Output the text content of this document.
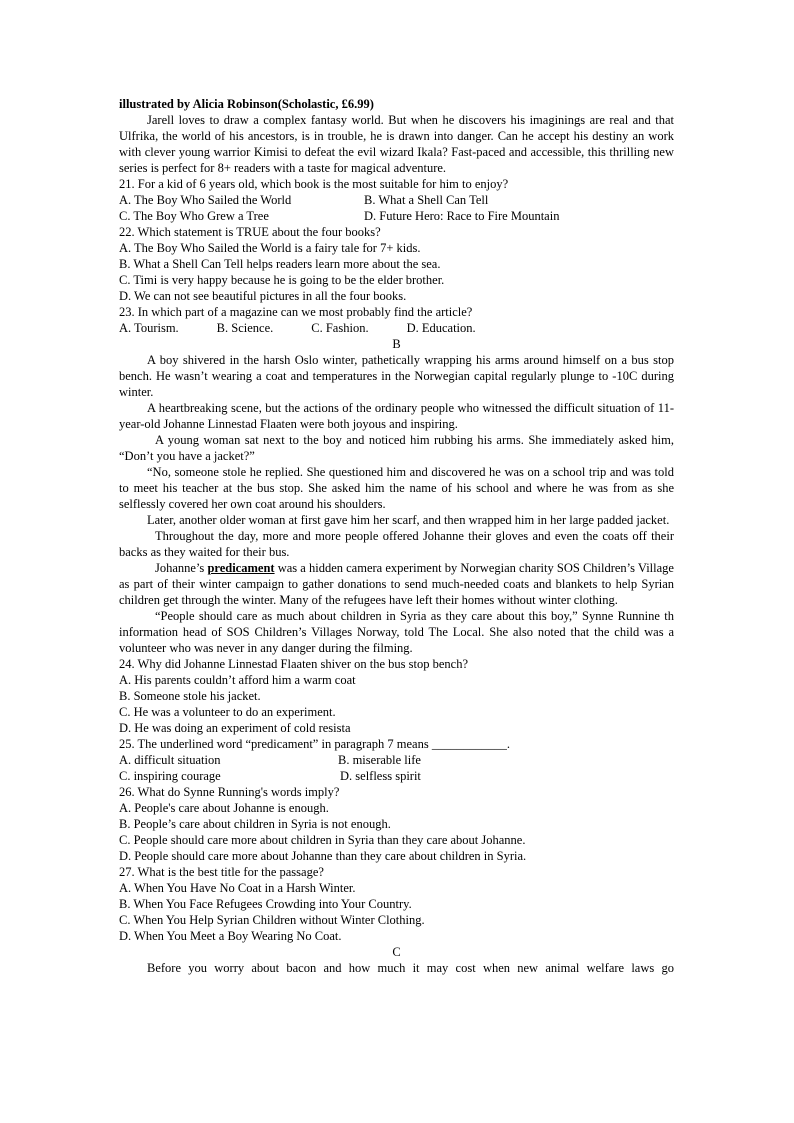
illustrated by Alicia Robinson(Scholastic, £6.99)
Jarell loves to draw a complex fantasy world. But when he discovers his imaginings are real and that Ulfrika, the world of his ancestors, is in trouble, he is drawn into danger. Can he accept his destiny an work with clever young warrior Kimisi to defeat the evil wizard Ikala? Fast-paced and accessible, this thrilling new series is perfect for 8+ readers with a taste for magical adventure.
21. For a kid of 6 years old, which book is the most suitable for him to enjoy?
A. The Boy Who Sailed the World	B. What a Shell Can Tell
C. The Boy Who Grew a Tree	D. Future Hero: Race to Fire Mountain
22. Which statement is TRUE about the four books?
A. The Boy Who Sailed the World is a fairy tale for 7+ kids.
B. What a Shell Can Tell helps readers learn more about the sea.
C. Timi is very happy because he is going to be the elder brother.
D. We can not see beautiful pictures in all the four books.
23. In which part of a magazine can we most probably find the article?
A. Tourism.	B. Science.	C. Fashion.	D. Education.
B
A boy shivered in the harsh Oslo winter, pathetically wrapping his arms around himself on a bus stop bench. He wasn’t wearing a coat and temperatures in the Norwegian capital regularly plunge to -10C during winter.
A heartbreaking scene, but the actions of the ordinary people who witnessed the difficult situation of 11-year-old Johanne Linnestad Flaaten were both joyous and inspiring.
A young woman sat next to the boy and noticed him rubbing his arms. She immediately asked him, “Don’t you have a jacket?”
“No, someone stole he replied. She questioned him and discovered he was on a school trip and was told to meet his teacher at the bus stop. She asked him the name of his school and where he was from as she selflessly covered her own coat around his shoulders.
Later, another older woman at first gave him her scarf, and then wrapped him in her large padded jacket.
Throughout the day, more and more people offered Johanne their gloves and even the coats off their backs as they waited for their bus.
Johanne’s predicament was a hidden camera experiment by Norwegian charity SOS Children’s Village as part of their winter campaign to gather donations to send much-needed coats and blankets to help Syrian children get through the winter. Many of the refugees have left their homes without winter clothing.
“People should care as much about children in Syria as they care about this boy,” Synne Runnine th information head of SOS Children’s Villages Norway, told The Local. She also noted that the child was a volunteer who was never in any danger during the filming.
24. Why did Johanne Linnestad Flaaten shiver on the bus stop bench?
A. His parents couldn’t afford him a warm coat
B. Someone stole his jacket.
C. He was a volunteer to do an experiment.
D. He was doing an experiment of cold resista
25. The underlined word “predicament” in paragraph 7 means ____________.
A. difficult situation	B. miserable life
C. inspiring courage	D. selfless spirit
26. What do Synne Running's words imply?
A. People's care about Johanne is enough.
B. People’s care about children in Syria is not enough.
C. People should care more about children in Syria than they care about Johanne.
D. People should care more about Johanne than they care about children in Syria.
27. What is the best title for the passage?
A. When You Have No Coat in a Harsh Winter.
B. When You Face Refugees Crowding into Your Country.
C. When You Help Syrian Children without Winter Clothing.
D. When You Meet a Boy Wearing No Coat.
C
Before you worry about bacon and how much it may cost when new animal welfare laws go
